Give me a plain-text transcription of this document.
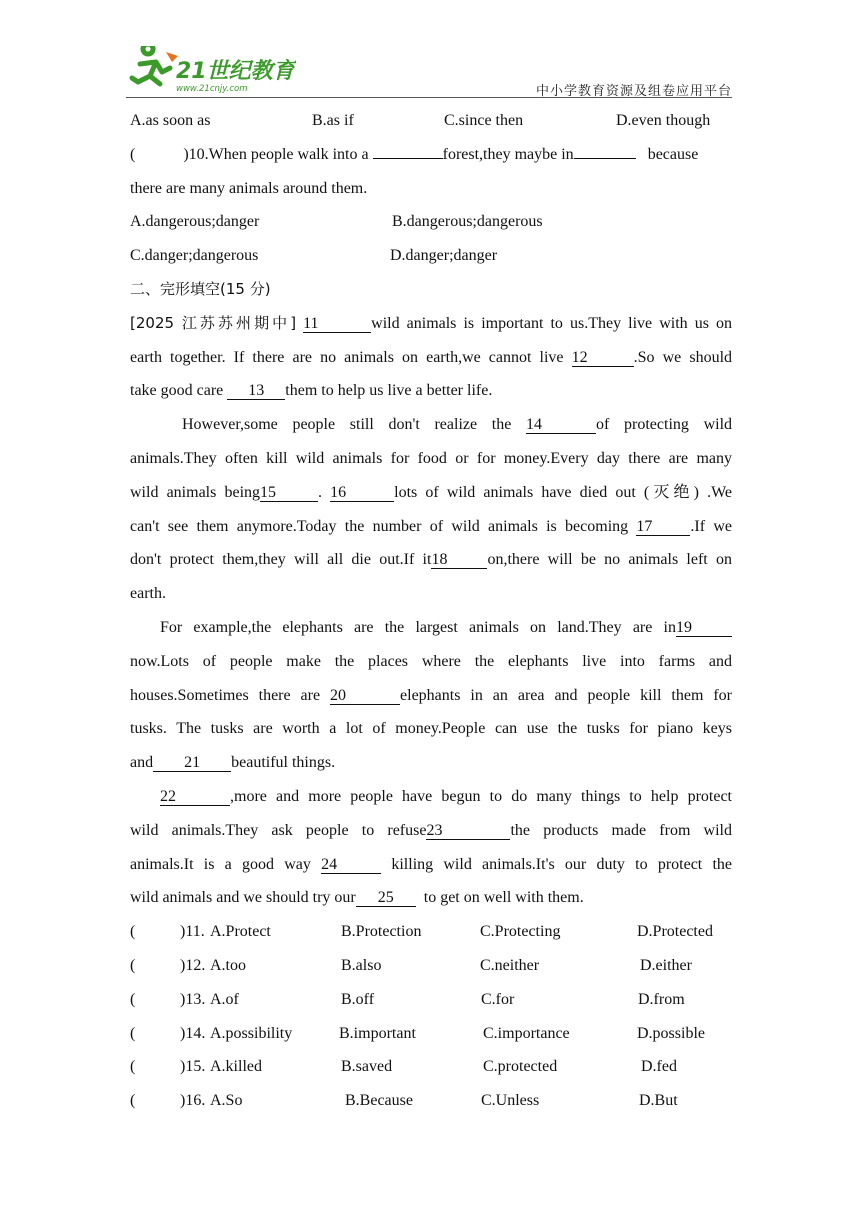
21世纪教育
www.21cnjy.com	中小学教育资源及组卷应用平台
A.as soon as	B.as if	C.since then	D.even though
(	)10.When people walk into a	forest,they maybe in	because
there are many animals around them.
A.dangerous;danger	B.dangerous;dangerous
C.danger;dangerous	D.danger;danger
二、完形填空(15 分)
[2025 江苏苏州期中] 11	wild animals is important to us.They live with us on
earth together. If there are no animals on earth,we cannot live 12	.So we should
take good care 13 them to help us live a better life.
However,some people still don't realize the 14	of protecting wild
animals.They often kill wild animals for food or for money.Every day there are many
wild animals being15	. 16	lots of wild animals have died out (灭绝) .We
can't see them anymore.Today the number of wild animals is becoming 17 .If we
don't protect them,they will all die out.If it18	on,there will be no animals left on
earth.
For example,the elephants are the largest animals on land.They are in19
now.Lots of people make the places where the elephants live into farms and
houses.Sometimes there are 20	elephants in an area and people kill them for
tusks. The tusks are worth a lot of money.People can use the tusks for piano keys
and 21 beautiful things.
22	,more and more people have begun to do many things to help protect
wild animals.They ask people to refuse23	the products made from wild
animals.It is a good way 24	killing wild animals.It's our duty to protect the
wild animals and we should try our 25 to get on well with them.
(	)11. A.Protect	B.Protection	C.Protecting	D.Protected
(	)12. A.too	B.also	C.neither	D.either
(	)13. A.of	B.off	C.for	D.from
(	)14. A.possibility	B.important	C.importance	D.possible
(	)15. A.killed	B.saved	C.protected	D.fed
(	)16. A.So	B.Because	C.Unless	D.But
